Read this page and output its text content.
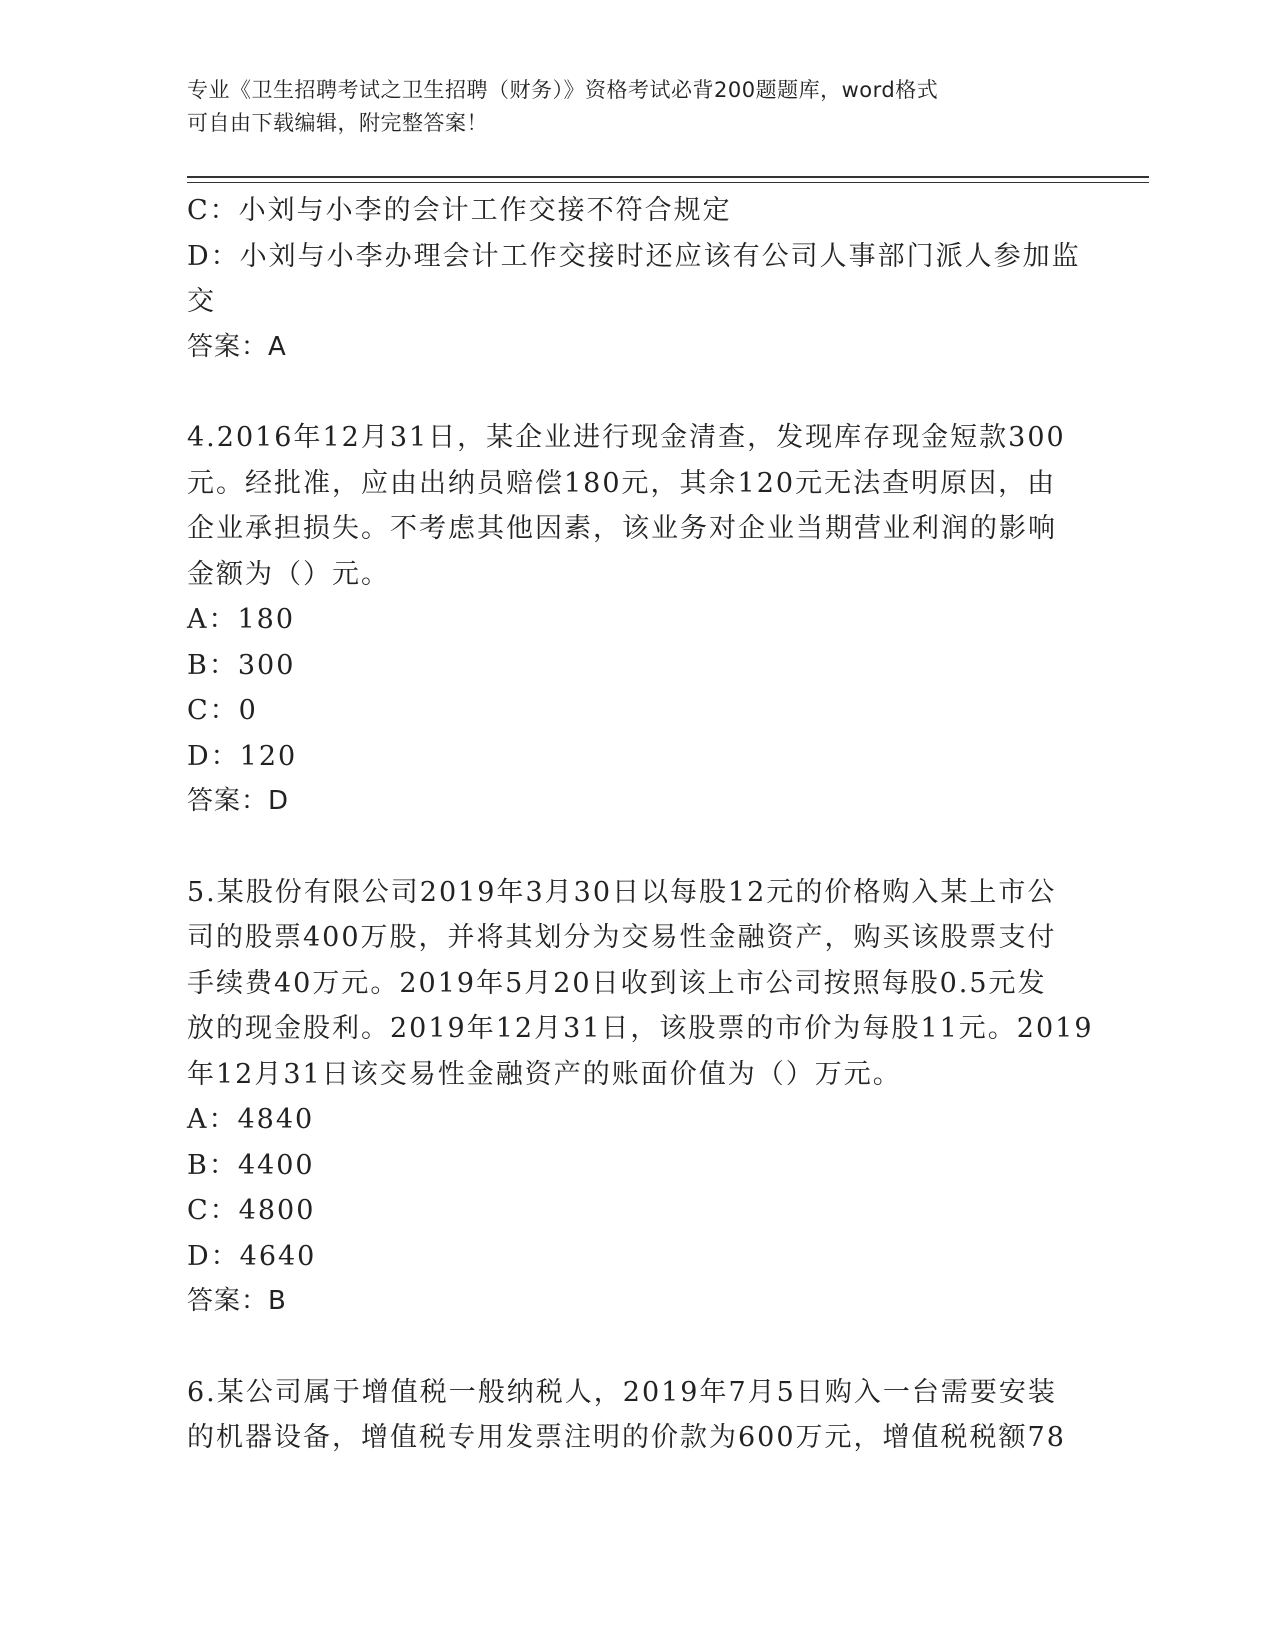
专业《卫生招聘考试之卫生招聘（财务）》资格考试必背200题题库，word格式
可自由下载编辑，附完整答案！
C：小刘与小李的会计工作交接不符合规定
D：小刘与小李办理会计工作交接时还应该有公司人事部门派人参加监
交
答案：A
4.2016年12月31日，某企业进行现金清查，发现库存现金短款300
元。经批准，应由出纳员赔偿180元，其余120元无法查明原因，由
企业承担损失。不考虑其他因素，该业务对企业当期营业利润的影响
金额为（）元。
A：180
B：300
C：0
D：120
答案：D
5.某股份有限公司2019年3月30日以每股12元的价格购入某上市公
司的股票400万股，并将其划分为交易性金融资产，购买该股票支付
手续费40万元。2019年5月20日收到该上市公司按照每股0.5元发
放的现金股利。2019年12月31日，该股票的市价为每股11元。2019
年12月31日该交易性金融资产的账面价值为（）万元。
A：4840
B：4400
C：4800
D：4640
答案：B
6.某公司属于增值税一般纳税人，2019年7月5日购入一台需要安装
的机器设备，增值税专用发票注明的价款为600万元，增值税税额78
